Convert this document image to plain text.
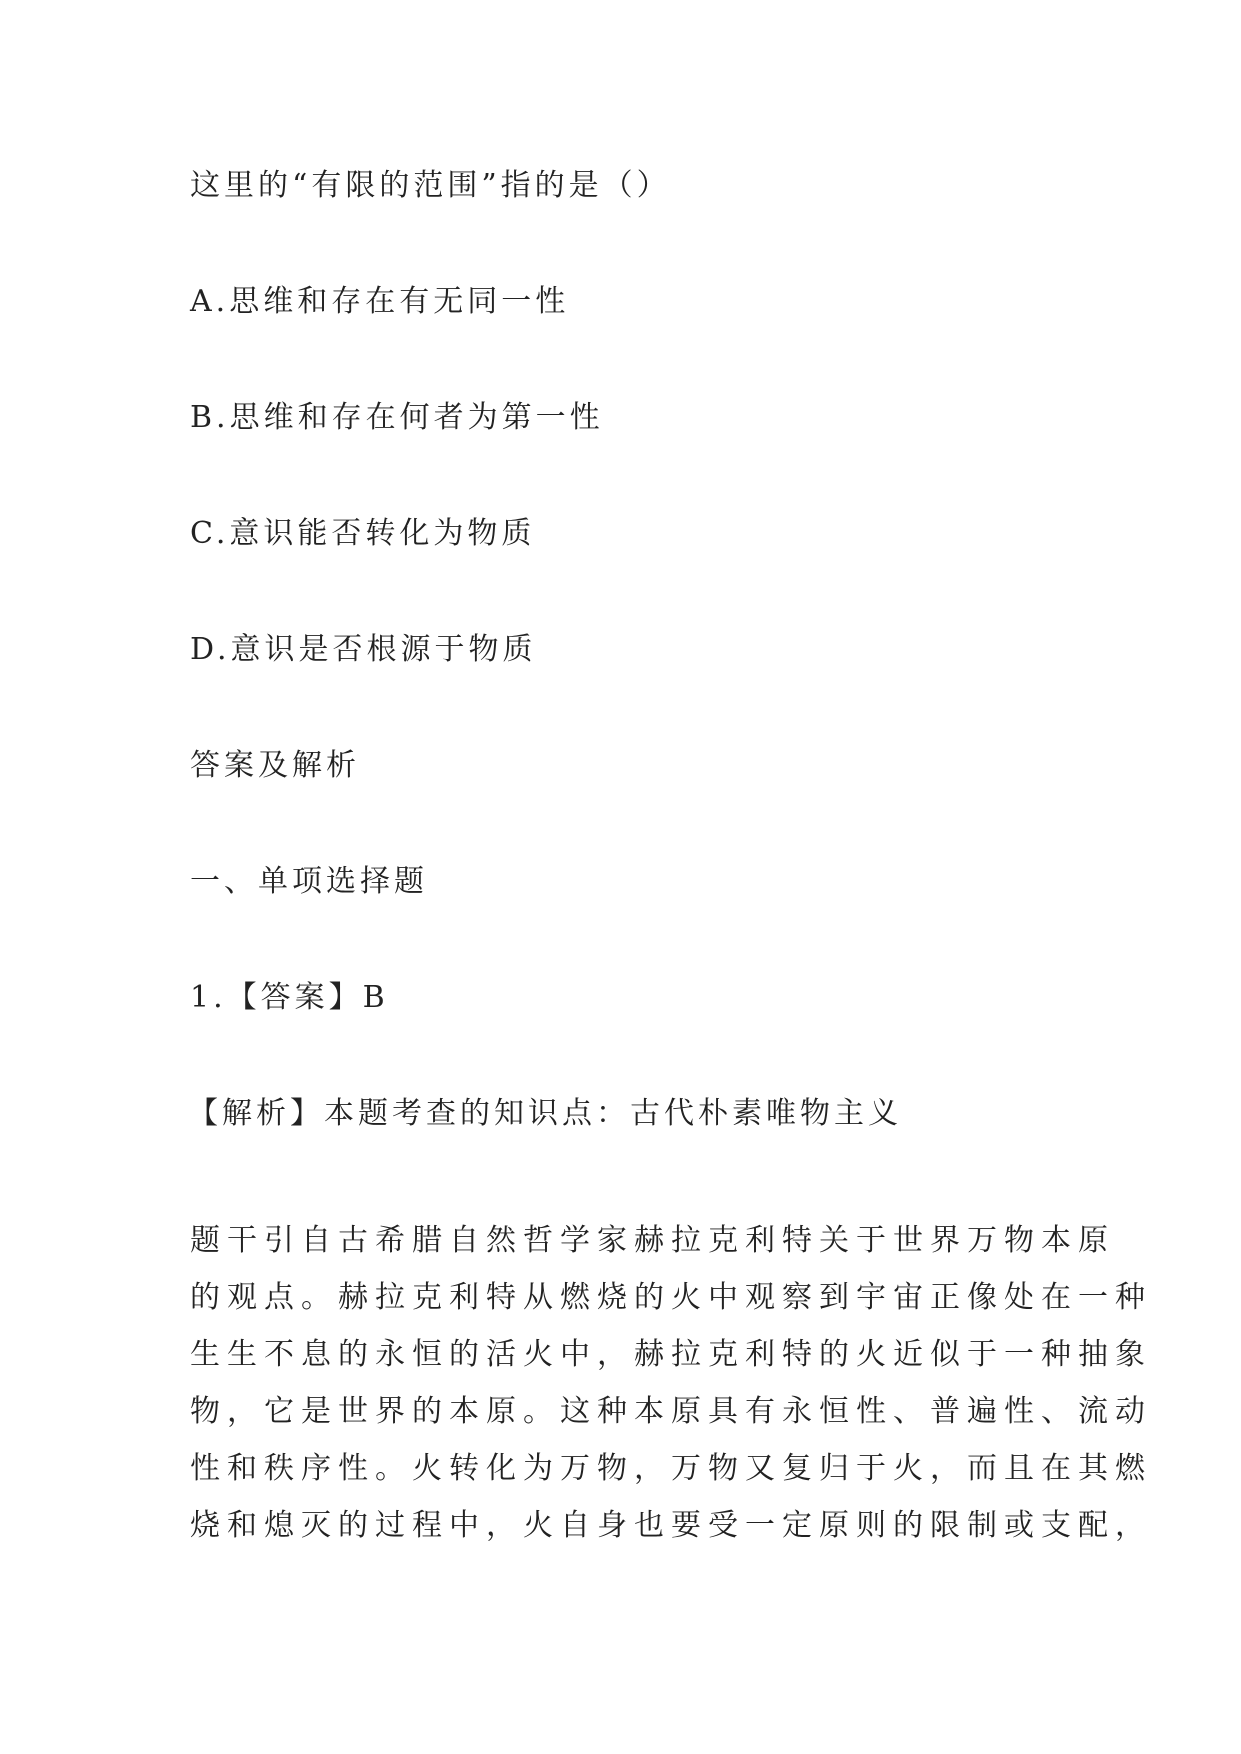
这里的“有限的范围”指的是（）
A.思维和存在有无同一性
B.思维和存在何者为第一性
C.意识能否转化为物质
D.意识是否根源于物质
答案及解析
一、单项选择题
1.【答案】B
【解析】本题考查的知识点：古代朴素唯物主义
题干引自古希腊自然哲学家赫拉克利特关于世界万物本原
的观点。赫拉克利特从燃烧的火中观察到宇宙正像处在一种
生生不息的永恒的活火中，赫拉克利特的火近似于一种抽象
物，它是世界的本原。这种本原具有永恒性、普遍性、流动
性和秩序性。火转化为万物，万物又复归于火，而且在其燃
烧和熄灭的过程中，火自身也要受一定原则的限制或支配，
